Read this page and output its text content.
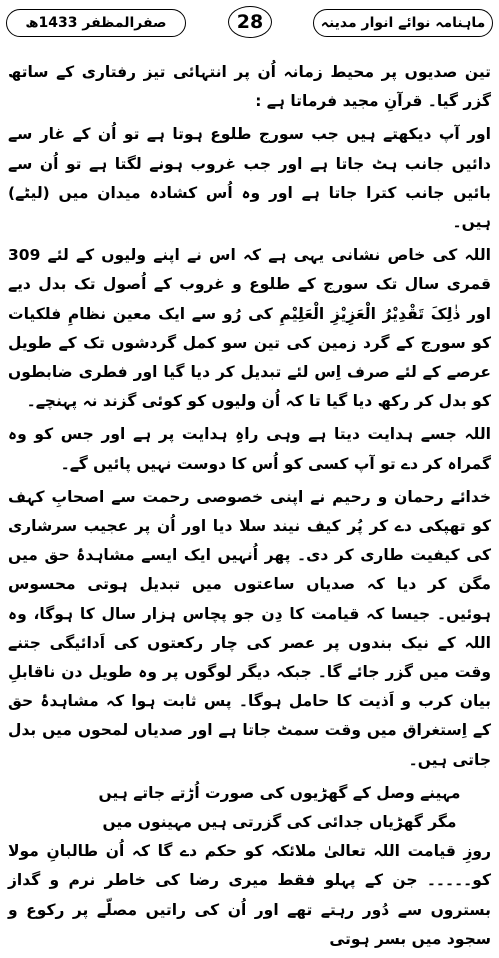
ماہنامہ نوائے انوار مدینہ
28
صفرالمظفر 1433ھ

تین صدیوں پر محیط زمانہ اُن پر انتہائی تیز رفتاری کے ساتھ گزر گیا۔ قرآنِ مجید فرماتا ہے :

اور آپ دیکھتے ہیں جب سورج طلوع ہوتا ہے تو اُن کے غار سے دائیں جانب ہٹ جاتا ہے اور جب غروب ہونے لگتا ہے تو اُن سے بائیں جانب کترا جاتا ہے اور وہ اُس کشادہ میدان میں (لیٹے) ہیں۔

اللہ کی خاص نشانی یہی ہے کہ اس نے اپنے ولیوں کے لئے 309 قمری سال تک سورج کے طلوع و غروب کے اُصول تک بدل دیے اور ذٰلِکَ تَقْدِیْرُ الْعَزِیْزِ الْعَلِیْمِ کی رُو سے ایک معین نظامِ فلکیات کو سورج کے گرد زمین کی تین سو کمل گردشوں تک کے طویل عرصے کے لئے صرف اِس لئے تبدیل کر دیا گیا اور فطری ضابطوں کو بدل کر رکھ دیا گیا تا کہ اُن ولیوں کو کوئی گزند نہ پہنچے۔

اللہ جسے ہدایت دیتا ہے وہی راہِ ہدایت پر ہے اور جس کو وہ گمراہ کر دے تو آپ کسی کو اُس کا دوست نہیں پائیں گے۔

خدائے رحمان و رحیم نے اپنی خصوصی رحمت سے اصحابِ کہف کو تھپکی دے کر پُر کیف نیند سلا دیا اور اُن پر عجیب سرشاری کی کیفیت طاری کر دی۔ پھر اُنہیں ایک ایسے مشاہدۂ حق میں مگن کر دیا کہ صدیاں ساعتوں میں تبدیل ہوتی محسوس ہوئیں۔ جیسا کہ قیامت کا دِن جو پچاس ہزار سال کا ہوگا، وہ اللہ کے نیک بندوں پر عصر کی چار رکعتوں کی اَدائیگی جتنے وقت میں گزر جائے گا۔ جبکہ دیگر لوگوں پر وہ طویل دن ناقابلِ بیان کرب و اَذیت کا حامل ہوگا۔ پس ثابت ہوا کہ مشاہدۂ حق کے اِستغراق میں وقت سمٹ جاتا ہے اور صدیاں لمحوں میں بدل جاتی ہیں۔

مہینے وصل کے گھڑیوں کی صورت اُڑتے جاتے ہیں

مگر گھڑیاں جدائی کی گزرتی ہیں مہینوں میں

روزِ قیامت اللہ تعالیٰ ملائکہ کو حکم دے گا کہ اُن طالبانِ مولا کو۔۔۔۔۔ جن کے پہلو فقط میری رضا کی خاطر نرم و گداز بستروں سے دُور رہتے تھے اور اُن کی راتیں مصلّے پر رکوع و سجود میں بسر ہوتی
